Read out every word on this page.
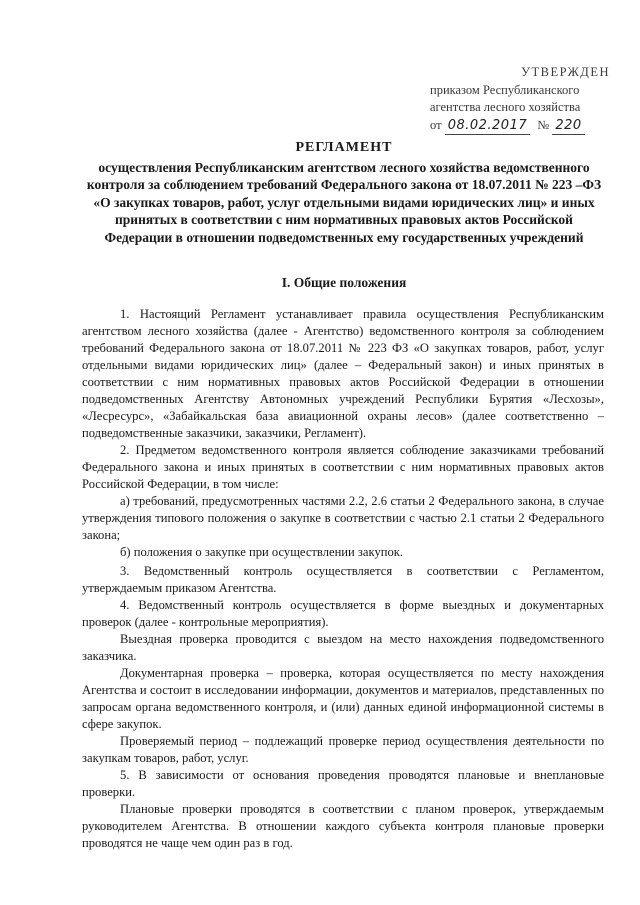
УТВЕРЖДЕН
приказом Республиканского
агентства лесного хозяйства
от 08.02.2017 № 220
РЕГЛАМЕНТ
осуществления Республиканским агентством лесного хозяйства ведомственного контроля за соблюдением требований Федерального закона от 18.07.2011 № 223 –ФЗ «О закупках товаров, работ, услуг отдельными видами юридических лиц» и иных принятых в соответствии с ним нормативных правовых актов Российской Федерации в отношении подведомственных ему государственных учреждений
I. Общие положения

1. Настоящий Регламент устанавливает правила осуществления Республиканским агентством лесного хозяйства (далее - Агентство) ведомственного контроля за соблюдением требований Федерального закона от 18.07.2011 № 223 ФЗ «О закупках товаров, работ, услуг отдельными видами юридических лиц» (далее – Федеральный закон) и иных принятых в соответствии с ним нормативных правовых актов Российской Федерации в отношении подведомственных Агентству Автономных учреждений Республики Бурятия «Лесхозы», «Лесресурс», «Забайкальская база авиационной охраны лесов» (далее соответственно – подведомственные заказчики, заказчики, Регламент).

2. Предметом ведомственного контроля является соблюдение заказчиками требований Федерального закона и иных принятых в соответствии с ним нормативных правовых актов Российской Федерации, в том числе:

а) требований, предусмотренных частями 2.2, 2.6 статьи 2 Федерального закона, в случае утверждения типового положения о закупке в соответствии с частью 2.1 статьи 2 Федерального закона;

б) положения о закупке при осуществлении закупок.

3. Ведомственный контроль осуществляется в соответствии с Регламентом, утверждаемым приказом Агентства.

4. Ведомственный контроль осуществляется в форме выездных и документарных проверок (далее - контрольные мероприятия).

Выездная проверка проводится с выездом на место нахождения подведомственного заказчика.

Документарная проверка – проверка, которая осуществляется по месту нахождения Агентства и состоит в исследовании информации, документов и материалов, представленных по запросам органа ведомственного контроля, и (или) данных единой информационной системы в сфере закупок.

Проверяемый период – подлежащий проверке период осуществления деятельности по закупкам товаров, работ, услуг.

5. В зависимости от основания проведения проводятся плановые и внеплановые проверки.

Плановые проверки проводятся в соответствии с планом проверок, утверждаемым руководителем Агентства. В отношении каждого субъекта контроля плановые проверки проводятся не чаще чем один раз в год.
